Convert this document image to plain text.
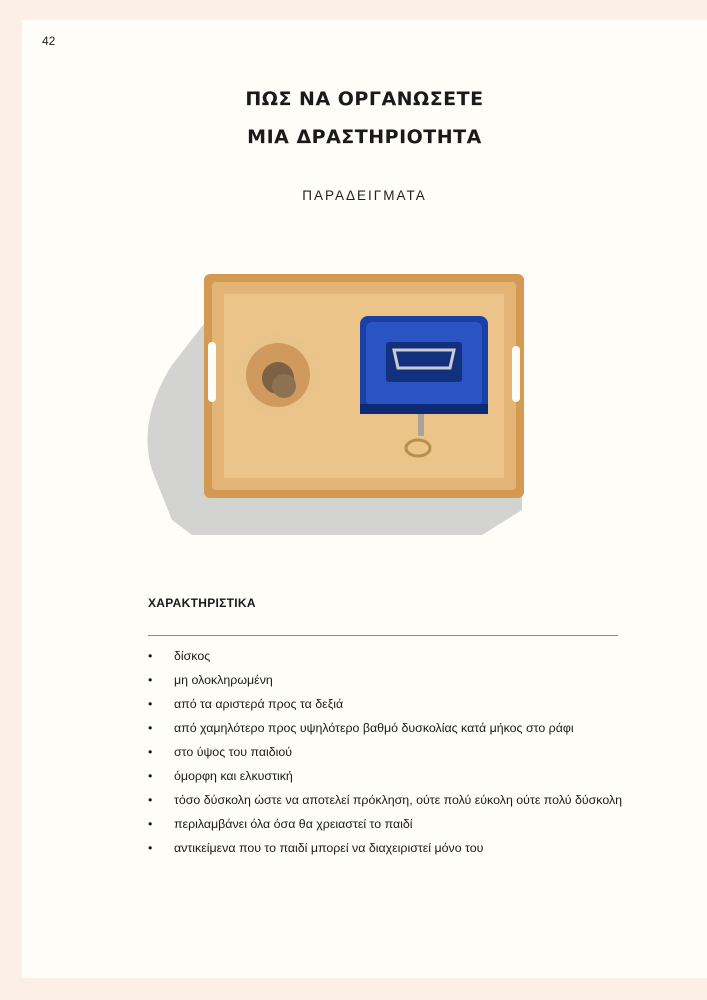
42
ΠΩΣ ΝΑ ΟΡΓΑΝΩΣΕΤΕ
ΜΙΑ ΔΡΑΣΤΗΡΙΟΤΗΤΑ
ΠΑΡΑΔΕΙΓΜΑΤΑ
ΧΑΡΑΚΤΗΡΙΣΤΙΚΑ
• δίσκος
• μη ολοκληρωμένη
• από τα αριστερά προς τα δεξιά
• από χαμηλότερο προς υψηλότερο βαθμό δυσκολίας κατά μήκος στο ράφι
• στο ύψος του παιδιού
• όμορφη και ελκυστική
• τόσο δύσκολη ώστε να αποτελεί πρόκληση, ούτε πολύ εύκολη ούτε πολύ δύσκολη
• περιλαμβάνει όλα όσα θα χρειαστεί το παιδί
• αντικείμενα που το παιδί μπορεί να διαχειριστεί μόνο του
